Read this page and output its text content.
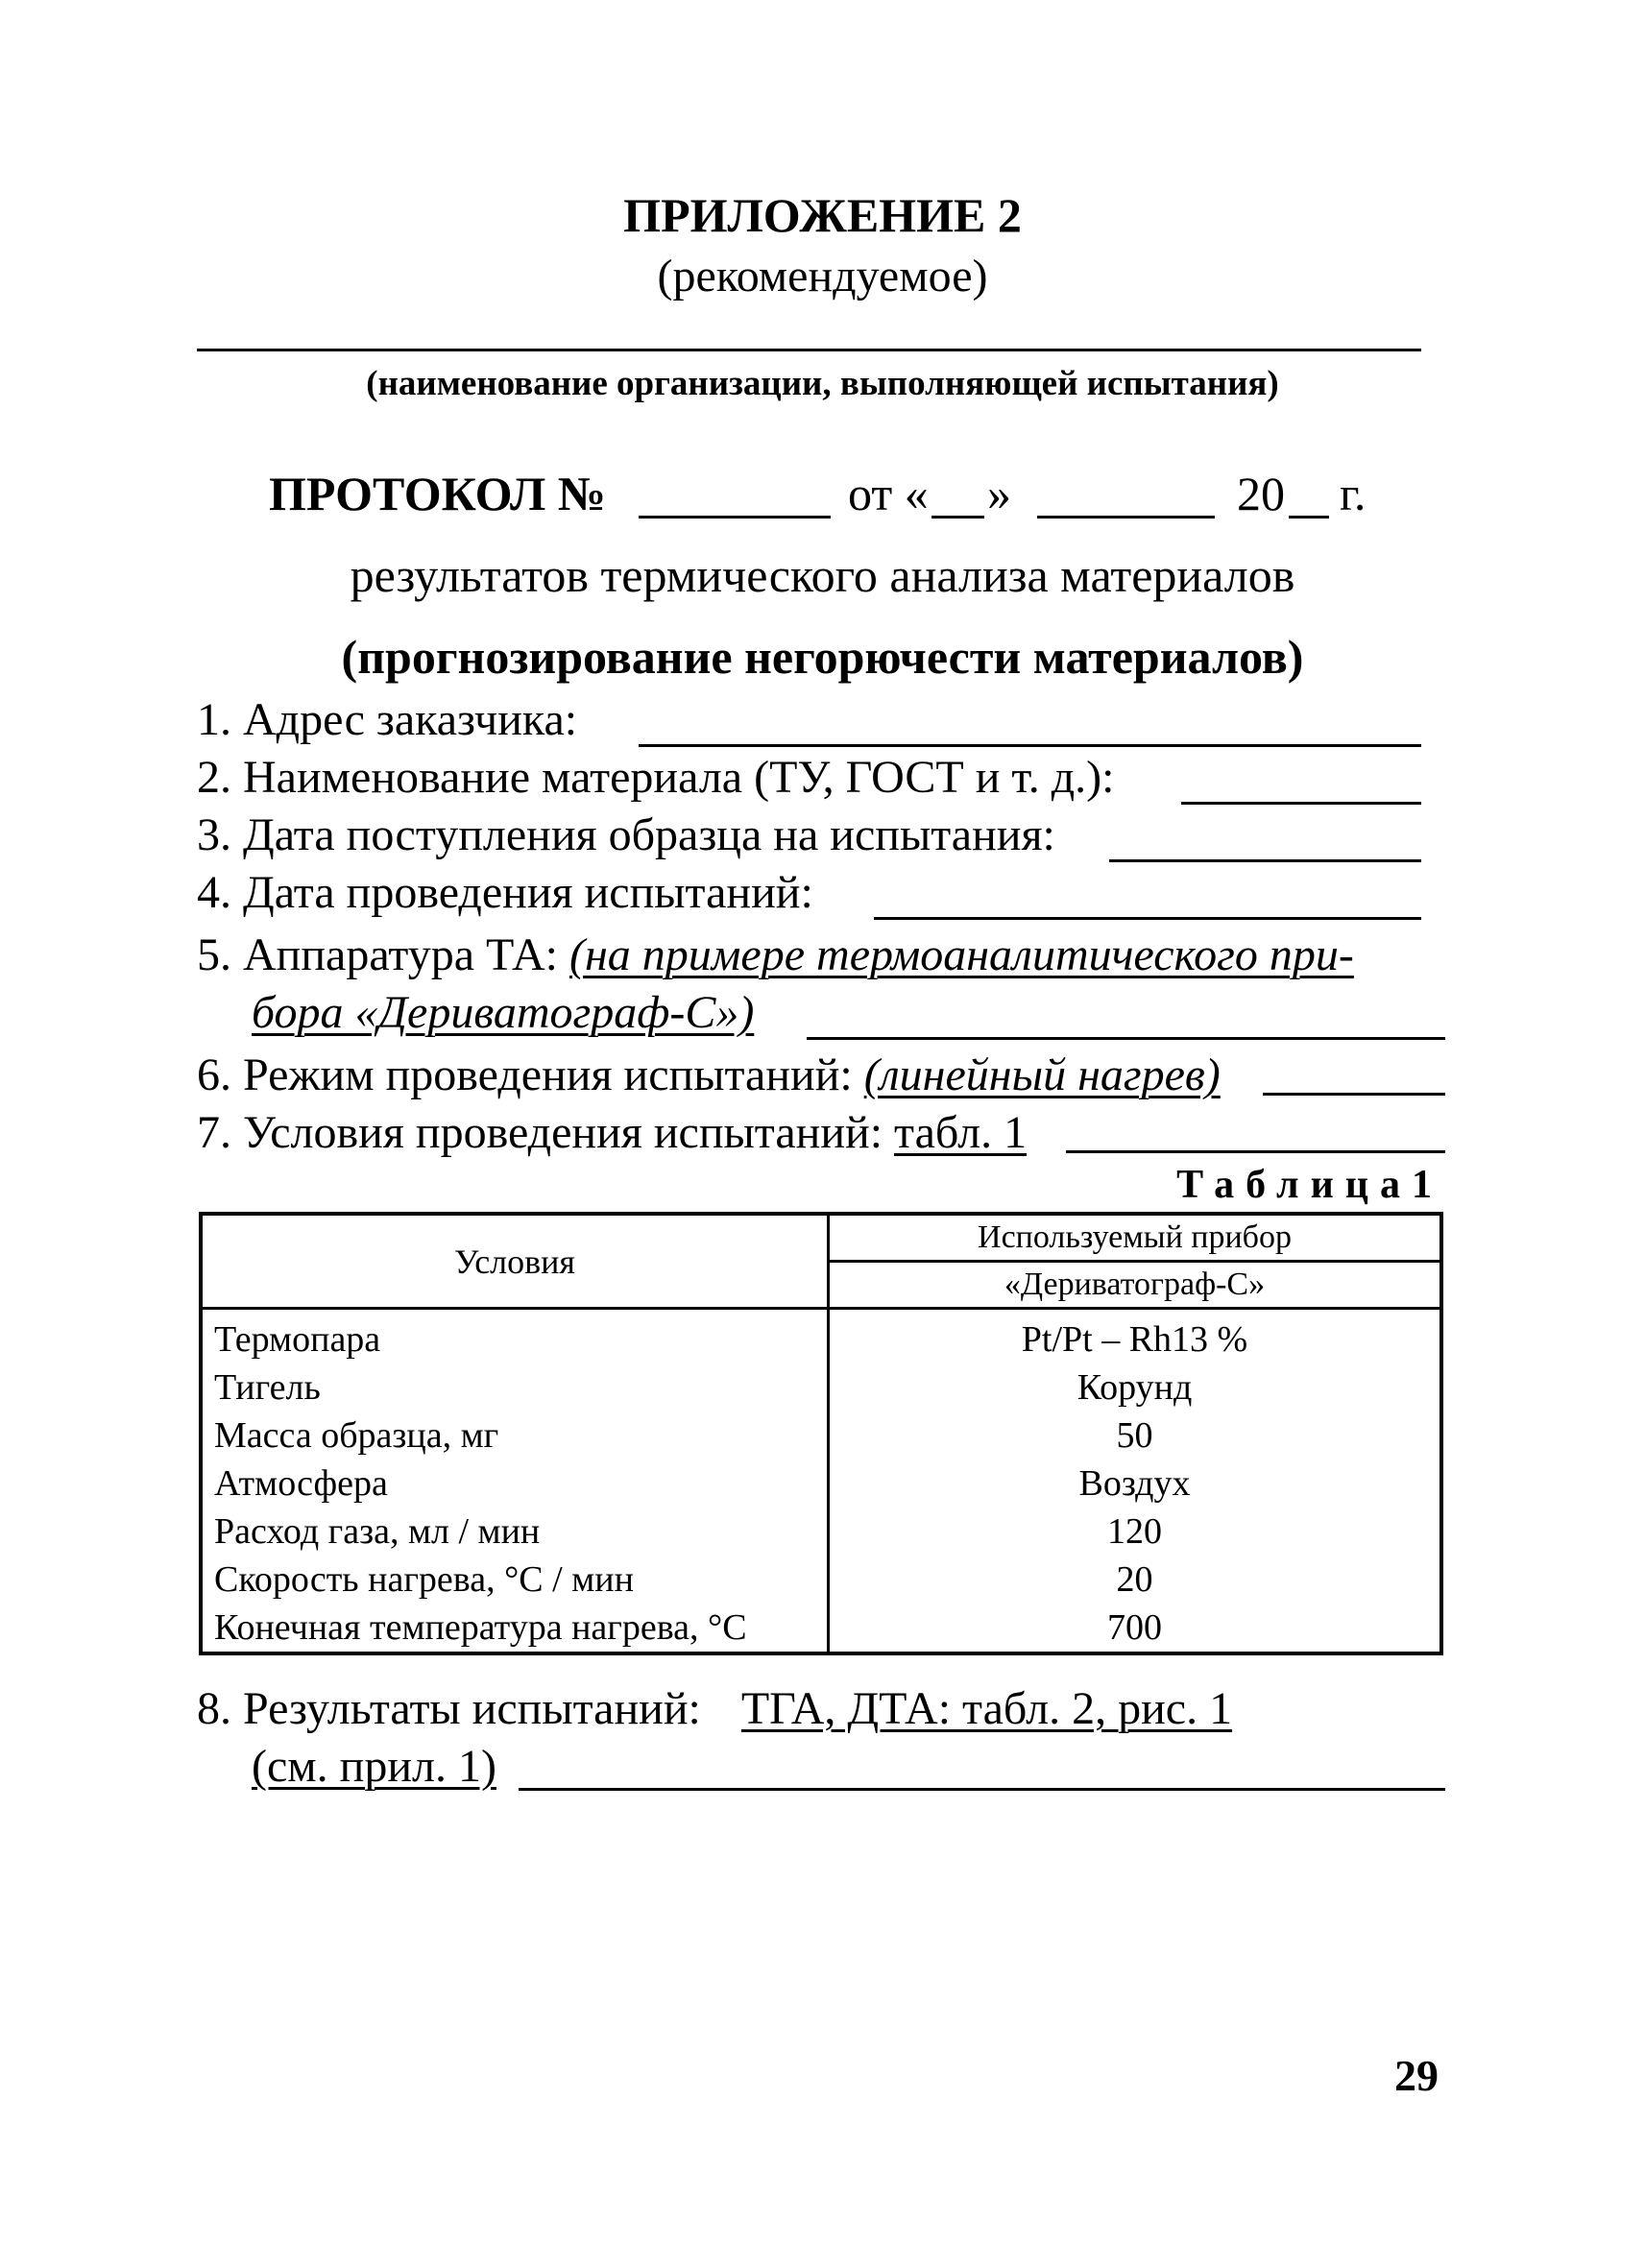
ПРИЛОЖЕНИЕ 2
(рекомендуемое)
(наименование организации, выполняющей испытания)
ПРОТОКОЛ №	от « »	20 г.
результатов термического анализа материалов
(прогнозирование негорючести материалов)
1. Адрес заказчика:
2. Наименование материала (ТУ, ГОСТ и т. д.):
3. Дата поступления образца на испытания:
4. Дата проведения испытаний:
5. Аппаратура ТА: (на примере термоаналитического при-
бора «Дериватограф-С»)
6. Режим проведения испытаний: (линейный нагрев)
7. Условия проведения испытаний: табл. 1
Таблица1
Условия	Используемый прибор
	«Дериватограф-С»
Термопара	Pt/Pt – Rh13 %
Тигель	Корунд
Масса образца, мг	50
Атмосфера	Воздух
Расход газа, мл / мин	120
Скорость нагрева, °С / мин	20
Конечная температура нагрева, °С	700
8. Результаты испытаний: ТГА, ДТА: табл. 2, рис. 1
(см. прил. 1)
29
